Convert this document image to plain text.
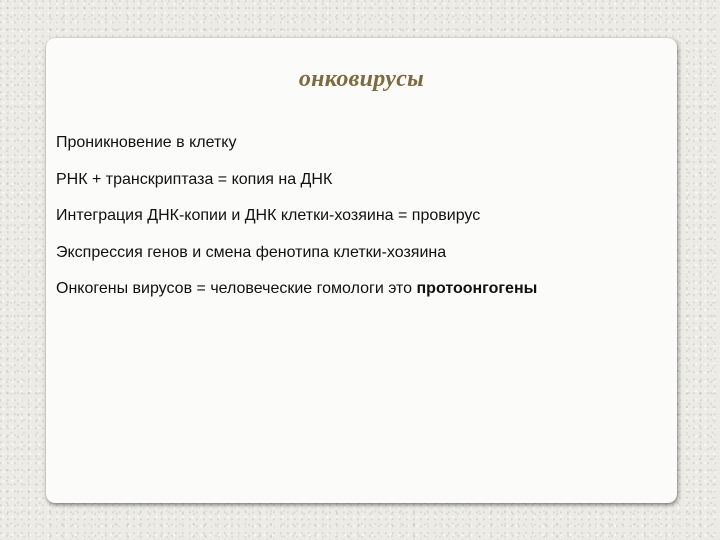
онковирусы
Проникновение в клетку
РНК + транскриптаза = копия на ДНК
Интеграция ДНК-копии и ДНК клетки-хозяина = провирус
Экспрессия генов и смена фенотипа клетки-хозяина
Онкогены вирусов = человеческие гомологи это протоонгогены
